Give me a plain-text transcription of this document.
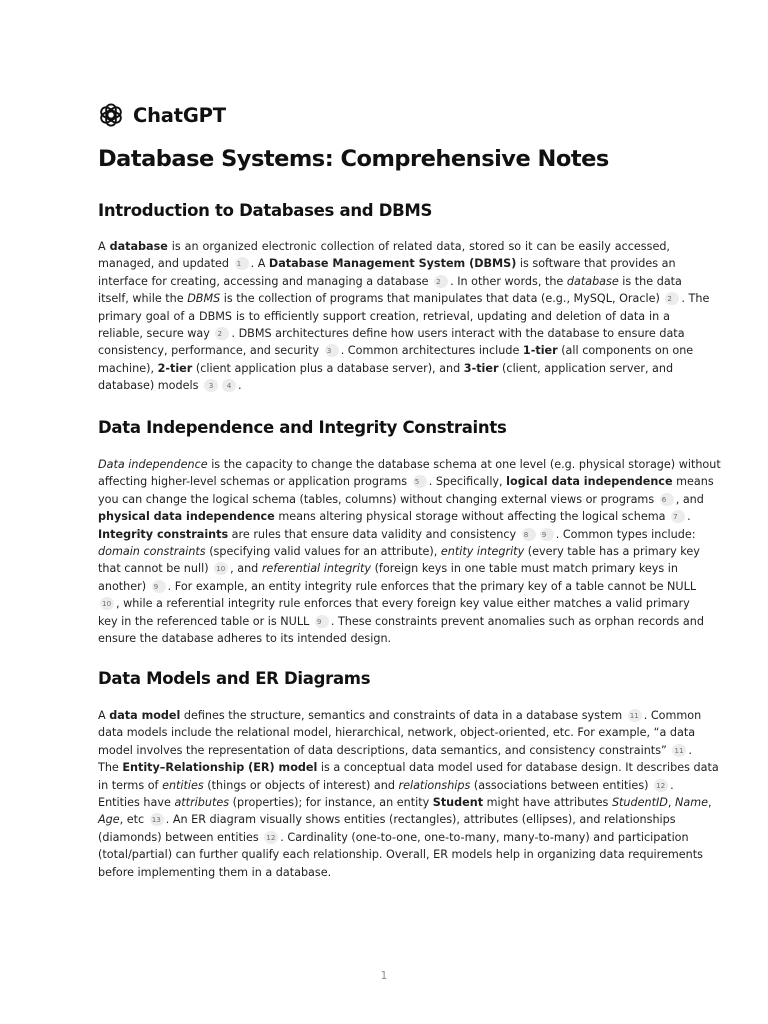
ChatGPT
Database Systems: Comprehensive Notes
Introduction to Databases and DBMS
A database is an organized electronic collection of related data, stored so it can be easily accessed,
managed, and updated 1 . A Database Management System (DBMS) is software that provides an
interface for creating, accessing and managing a database 2 . In other words, the database is the data
itself, while the DBMS is the collection of programs that manipulates that data (e.g., MySQL, Oracle) 2 . The
primary goal of a DBMS is to efficiently support creation, retrieval, updating and deletion of data in a
reliable, secure way 2 . DBMS architectures define how users interact with the database to ensure data
consistency, performance, and security 3 . Common architectures include 1-tier (all components on one
machine), 2-tier (client application plus a database server), and 3-tier (client, application server, and
database) models 3 4 .
Data Independence and Integrity Constraints
Data independence is the capacity to change the database schema at one level (e.g. physical storage) without
affecting higher-level schemas or application programs 5 . Specifically, logical data independence means
you can change the logical schema (tables, columns) without changing external views or programs 6 , and
physical data independence means altering physical storage without affecting the logical schema 7 .
Integrity constraints are rules that ensure data validity and consistency 8 9 . Common types include:
domain constraints (specifying valid values for an attribute), entity integrity (every table has a primary key
that cannot be null) 10 , and referential integrity (foreign keys in one table must match primary keys in
another) 9 . For example, an entity integrity rule enforces that the primary key of a table cannot be NULL
10 , while a referential integrity rule enforces that every foreign key value either matches a valid primary
key in the referenced table or is NULL 9 . These constraints prevent anomalies such as orphan records and
ensure the database adheres to its intended design.
Data Models and ER Diagrams
A data model defines the structure, semantics and constraints of data in a database system 11 . Common
data models include the relational model, hierarchical, network, object-oriented, etc. For example, “a data
model involves the representation of data descriptions, data semantics, and consistency constraints” 11 .
The Entity–Relationship (ER) model is a conceptual data model used for database design. It describes data
in terms of entities (things or objects of interest) and relationships (associations between entities) 12 .
Entities have attributes (properties); for instance, an entity Student might have attributes StudentID, Name,
Age, etc 13 . An ER diagram visually shows entities (rectangles), attributes (ellipses), and relationships
(diamonds) between entities 12 . Cardinality (one-to-one, one-to-many, many-to-many) and participation
(total/partial) can further qualify each relationship. Overall, ER models help in organizing data requirements
before implementing them in a database.
1
